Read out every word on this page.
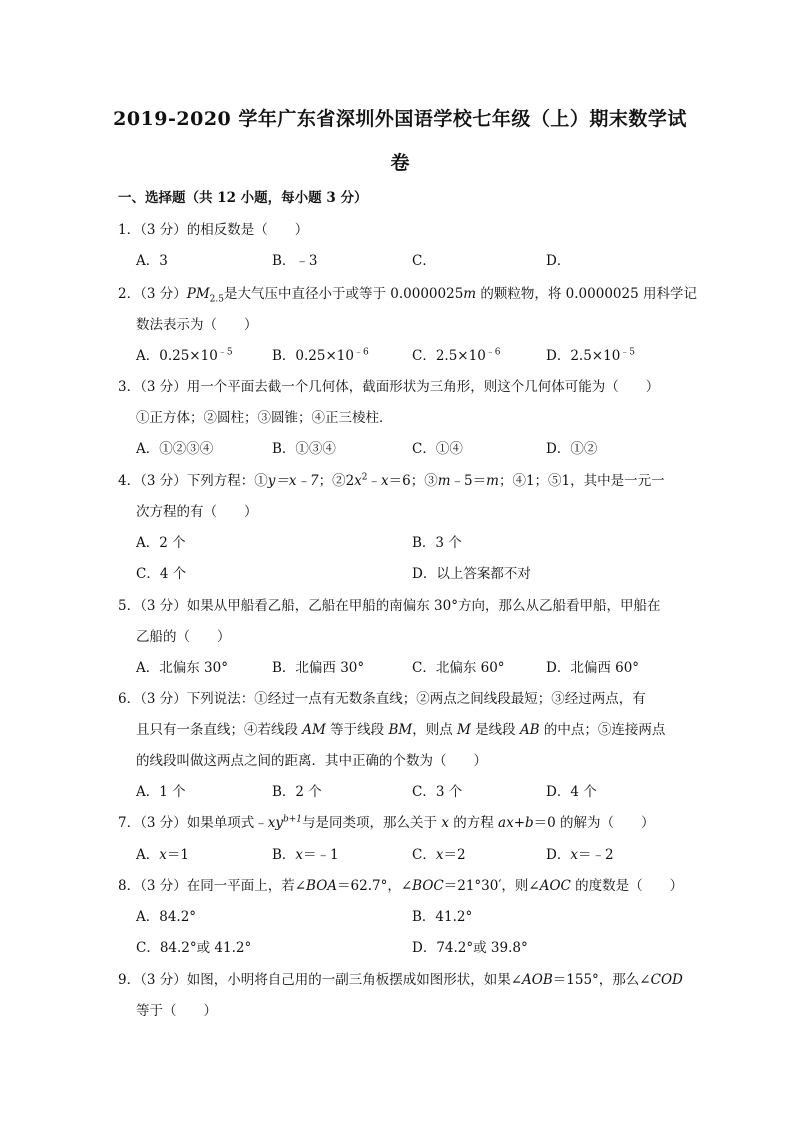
2019-2020 学年广东省深圳外国语学校七年级（上）期末数学试
卷
一、选择题（共 12 小题，每小题 3 分）
1．（3 分）的相反数是（　　）
A．3	B．﹣3	C．	D．
2．（3 分）$PM_{2.5}$是大气压中直径小于或等于 0.0000025m 的颗粒物，将 0.0000025 用科学记
数法表示为（　　）
A．$0.25\times 10^{﹣5}$	B．$0.25\times 10^{﹣6}$	C．$2.5\times 10^{﹣6}$	D．$2.5\times 10^{﹣5}$
3．（3 分）用一个平面去截一个几何体，截面形状为三角形，则这个几何体可能为（　　）
①正方体；②圆柱；③圆锥；④正三棱柱．
A．①②③④	B．①③④	C．①④	D．①②
4．（3 分）下列方程：①y＝x﹣7；$②2x^2﹣x=6$；③m﹣5＝m；④1；⑤1，其中是一元一
次方程的有（　　）
A．2 个	B．3 个
C．4 个	D．以上答案都不对
5．（3 分）如果从甲船看乙船，乙船在甲船的南偏东 30°方向，那么从乙船看甲船，甲船在
乙船的（　　）
A．北偏东 30°	B．北偏西 30°	C．北偏东 60°	D．北偏西 60°
6．（3 分）下列说法：①经过一点有无数条直线；②两点之间线段最短；③经过两点，有
且只有一条直线；④若线段 AM 等于线段 BM，则点 M 是线段 AB 的中点；⑤连接两点
的线段叫做这两点之间的距离．其中正确的个数为（　　）
A．1 个	B．2 个	C．3 个	D．4 个
7．（3 分）如果单项式$﹣xy^{b+1}$与是同类项，那么关于 x 的方程 ax+b＝0 的解为（　　）
A．x＝1	B．x＝﹣1	C．x＝2	D．x＝﹣2
8．（3 分）在同一平面上，若∠BOA＝62.7°，∠BOC＝21°30′，则∠AOC 的度数是（　　）
A．84.2°	B．41.2°
C．84.2°或 41.2°	D．74.2°或 39.8°
9．（3 分）如图，小明将自己用的一副三角板摆成如图形状，如果∠AOB＝155°，那么∠COD
等于（　　）
